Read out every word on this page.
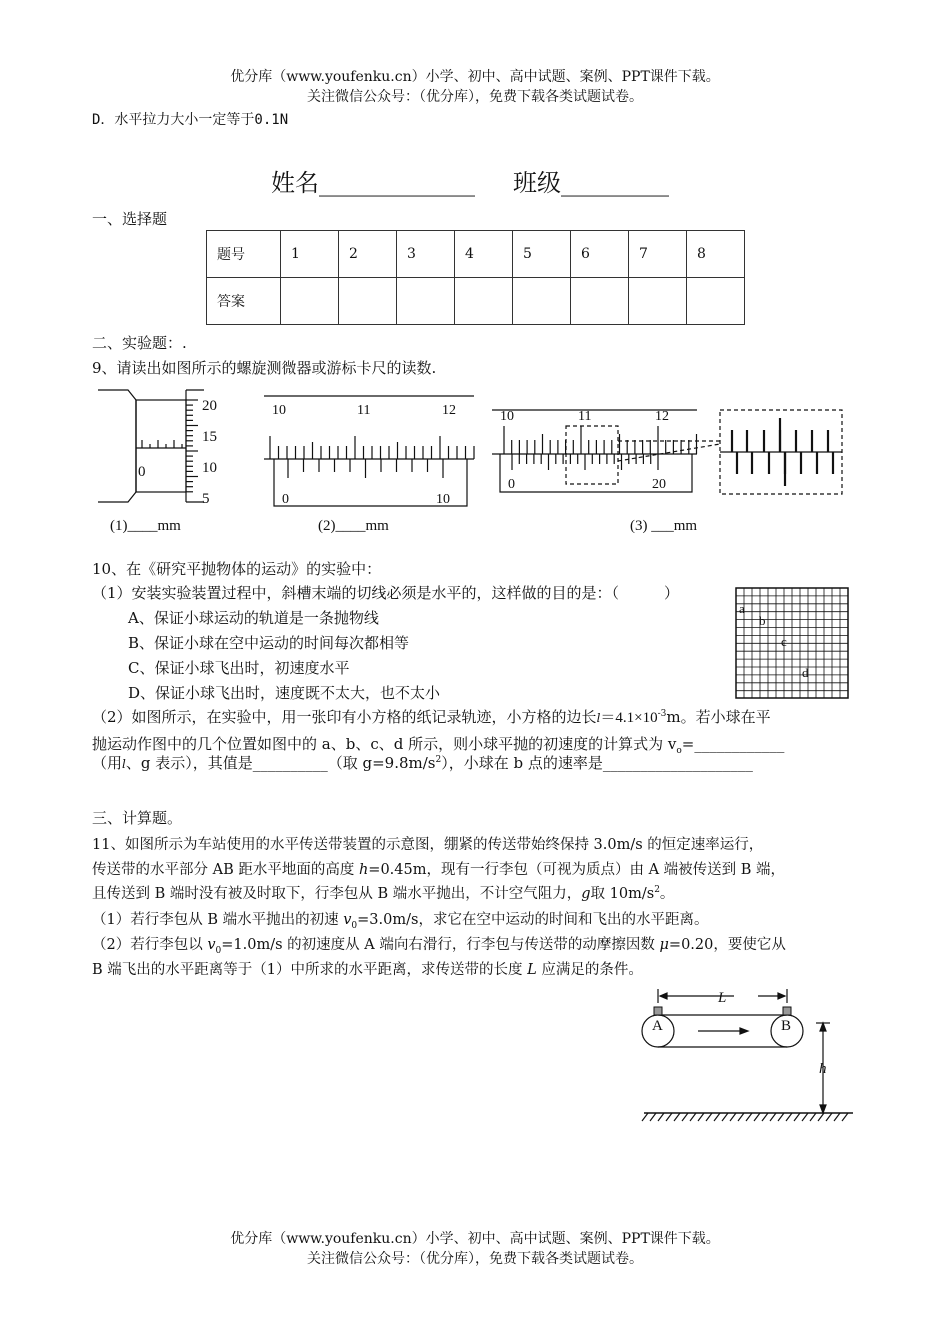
优分库（www.youfenku.cn）小学、初中、高中试题、案例、PPT课件下载。
关注微信公众号：（优分库），免费下载各类试题试卷。
D．水平拉力大小一定等于0.1N
姓名_____________ 班级_________
一、选择题
题号	1	2	3	4	5	6	7	8
答案								
二、实验题：.
9、请读出如图所示的螺旋测微器或游标卡尺的读数.
20
15
10
5
0
10	11	12
0	10
10	11	12
0	20
(1)____mm	(2)____mm	(3) ___mm
10、在《研究平抛物体的运动》的实验中：
（1）安装实验装置过程中，斜槽末端的切线必须是水平的，这样做的目的是：（　　　）
A、保证小球运动的轨道是一条抛物线
B、保证小球在空中运动的时间每次都相等
C、保证小球飞出时，初速度水平
D、保证小球飞出时，速度既不太大，也不太小
a
b
c
d
（2）如图所示，在实验中，用一张印有小方格的纸记录轨迹，小方格的边长$l=4.1\times 10^{-3}m$。若小球在平
抛运动作图中的几个位置如图中的 a、b、c、d 所示，则小球平抛的初速度的计算式为 $v_o=\_\_\_\_\_\_\_\_\_\_\_\_$
（用l、g 表示），其值是__________（取 $g=9.8m/s^2$），小球在 b 点的速率是____________________
三、计算题。
11、如图所示为车站使用的水平传送带装置的示意图，绷紧的传送带始终保持 3.0m/s 的恒定速率运行，
传送带的水平部分 AB 距水平地面的高度 h=0.45m，现有一行李包（可视为质点）由 A 端被传送到 B 端，
且传送到 B 端时没有被及时取下，行李包从 B 端水平抛出，不计空气阻力，g取 $10m/s^2$。
（1）若行李包从 B 端水平抛出的初速 $v_0=3.0m/s$，求它在空中运动的时间和飞出的水平距离。
（2）若行李包以 $v_0=1.0m/s$ 的初速度从 A 端向右滑行，行李包与传送带的动摩擦因数 μ=0.20，要使它从
B 端飞出的水平距离等于（1）中所求的水平距离，求传送带的长度 L 应满足的条件。
L
A	B
h
优分库（www.youfenku.cn）小学、初中、高中试题、案例、PPT课件下载。
关注微信公众号：（优分库），免费下载各类试题试卷。
